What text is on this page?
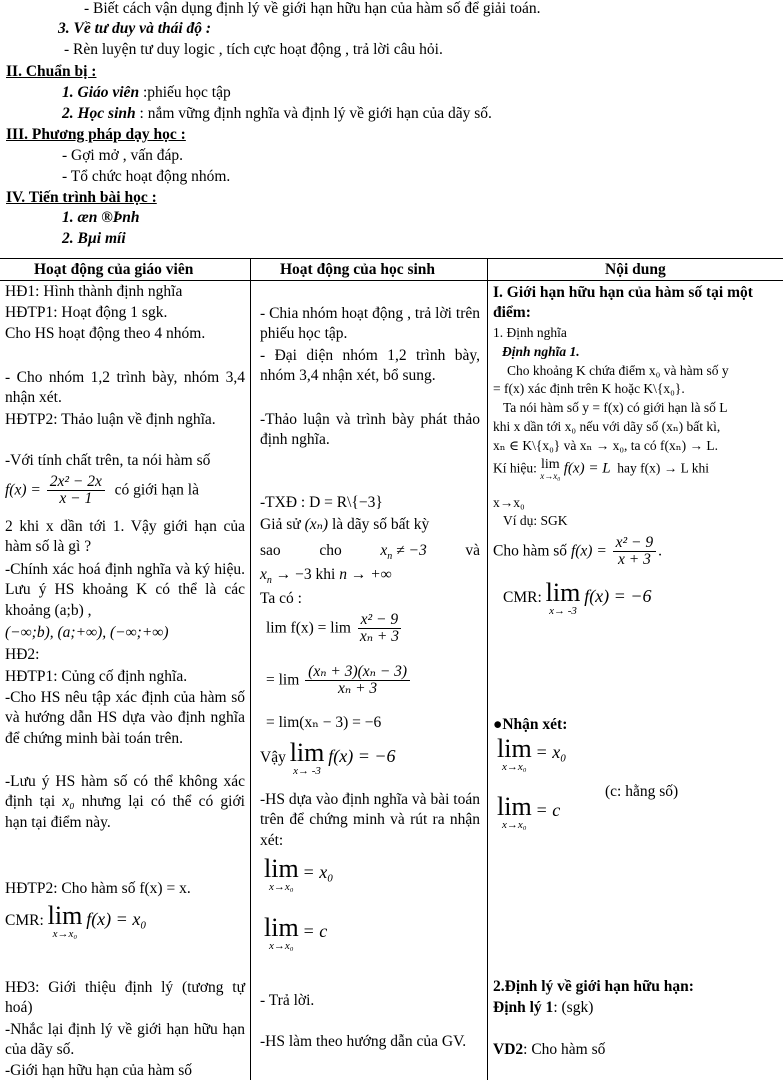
- Biết cách vận dụng định lý về giới hạn hữu hạn của hàm số để giải toán.
3. Về tư duy và thái độ :
- Rèn luyện tư duy logic , tích cực hoạt động , trả lời câu hỏi.
II. Chuẩn bị :
1. Giáo viên :phiếu học tập
2. Học sinh : nắm vững định nghĩa và định lý về giới hạn của dãy số.
III. Phương pháp dạy học :
- Gợi mở , vấn đáp.
- Tổ chức hoạt động nhóm.
IV. Tiến trình bài học :
1. æn ®Þnh
2. Bµi míi
Hoạt động của giáo viên	Hoạt động của học sinh	Nội dung
HĐ1: Hình thành định nghĩa
HĐTP1: Hoạt động 1 sgk.
Cho HS hoạt động theo 4 nhóm.
- Cho nhóm 1,2 trình bày, nhóm 3,4 nhận xét.
HĐTP2: Thảo luận về định nghĩa.
-Với tính chất trên, ta nói hàm số
$f(x) = \frac{\text{2x² − 2x}}{x - 1}$ có giới hạn là
2 khi x dần tới 1. Vậy giới hạn của hàm số là gì ?
-Chính xác hoá định nghĩa và ký hiệu. Lưu ý HS khoảng K có thể là các khoảng (a;b) ,
(−∞;b), (a;+∞), (−∞;+∞)
HĐ2:
HĐTP1: Củng cố định nghĩa.
-Cho HS nêu tập xác định của hàm số và hướng dẫn HS dựa vào định nghĩa để chứng minh bài toán trên.
-Lưu ý HS hàm số có thể không xác định tại x₀ nhưng lại có thể có giới hạn tại điểm này.
HĐTP2: Cho hàm số f(x) = x.
CMR: lim
x→x₀
f(x) = x₀
HĐ3: Giới thiệu định lý (tương tự hoá)
-Nhắc lại định lý về giới hạn hữu hạn của dãy số.
-Giới hạn hữu hạn của hàm số
- Chia nhóm hoạt động , trả lời trên phiếu học tập.
- Đại diện nhóm 1,2 trình bày, nhóm 3,4 nhận xét, bổ sung.
-Thảo luận và trình bày phát thảo định nghĩa.
-TXĐ : D = R\{−3}
Giả sử (xₙ) là dãy số bất kỳ
sao cho $x_n \ne -3$ và
$x_n \to -3$ khi n → +∞
Ta có :
$\lim f(x) = \lim \frac{\text{x² − 9}}{\text{xₙ + 3}}$
= $\lim \frac{\text{(xₙ + 3)(xₙ − 3)}}{\text{xₙ + 3}}$
= lim(xₙ − 3) = −6
Vậy lim
x→ -3
f(x) = −6
-HS dựa vào định nghĩa và bài toán trên để chứng minh và rút ra nhận xét:
lim
x→x₀
= x₀
lim
x→x₀
= c
- Trả lời.
-HS làm theo hướng dẫn của GV.
I. Giới hạn hữu hạn của hàm số tại một điểm:
1. Định nghĩa
Định nghĩa 1.
Cho khoảng K chứa điểm x₀ và hàm số y
= f(x) xác định trên K hoặc K\{x₀}.
Ta nói hàm số y = f(x) có giới hạn là số L
khi x dần tới x₀ nếu với dãy số (xₙ) bất kì,
xₙ ∈ K\{x₀} và xₙ → x₀, ta có f(xₙ) → L.
Kí hiệu: lim
x→x₀ f(x) = L hay f(x) → L khi
x→x₀
Ví dụ: SGK
Cho hàm số $f(x) = \frac{\text{x² − 9}}{x + 3}$ .
CMR: lim
x→ -3
f(x) = −6
●Nhận xét:
lim
x→x₀
= x₀
lim
x→x₀
= c
(c: hằng số)
2.Định lý về giới hạn hữu hạn:
Định lý 1: (sgk)
VD2: Cho hàm số
